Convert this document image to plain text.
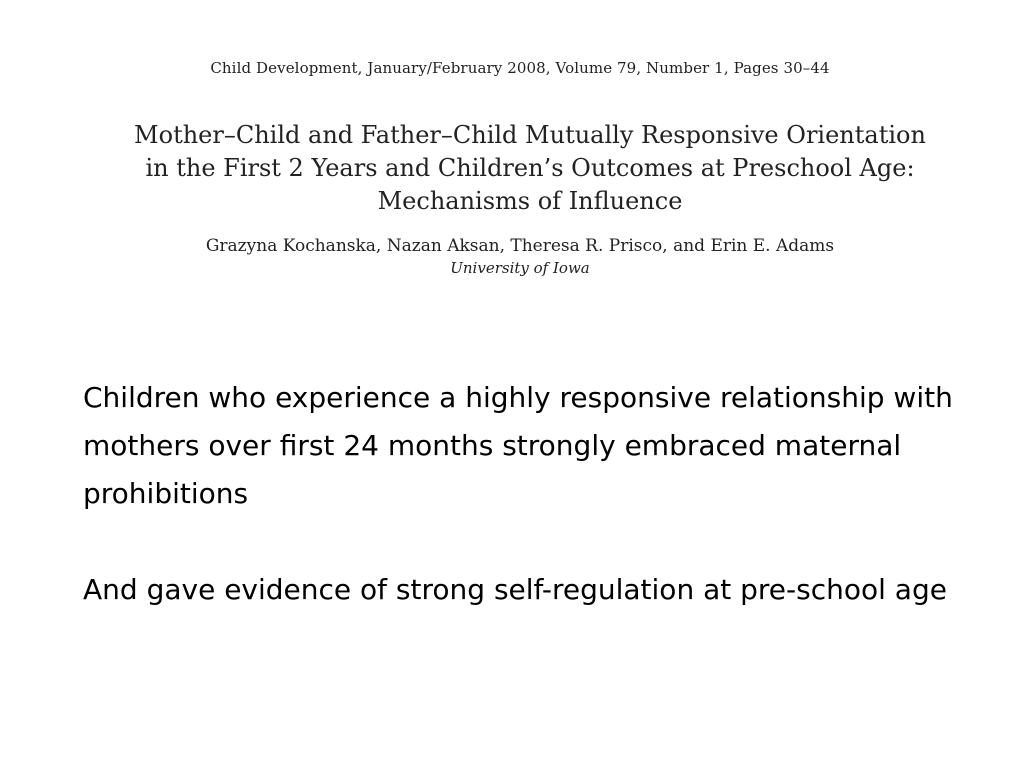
Child Development, January/February 2008, Volume 79, Number 1, Pages 30–44

Mother–Child and Father–Child Mutually Responsive Orientation
in the First 2 Years and Children’s Outcomes at Preschool Age:
Mechanisms of Influence
Grazyna Kochanska, Nazan Aksan, Theresa R. Prisco, and Erin E. Adams
University of Iowa

Children who experience a highly responsive relationship with mothers over first 24 months strongly embraced maternal prohibitions

And gave evidence of strong self-regulation at pre-school age
